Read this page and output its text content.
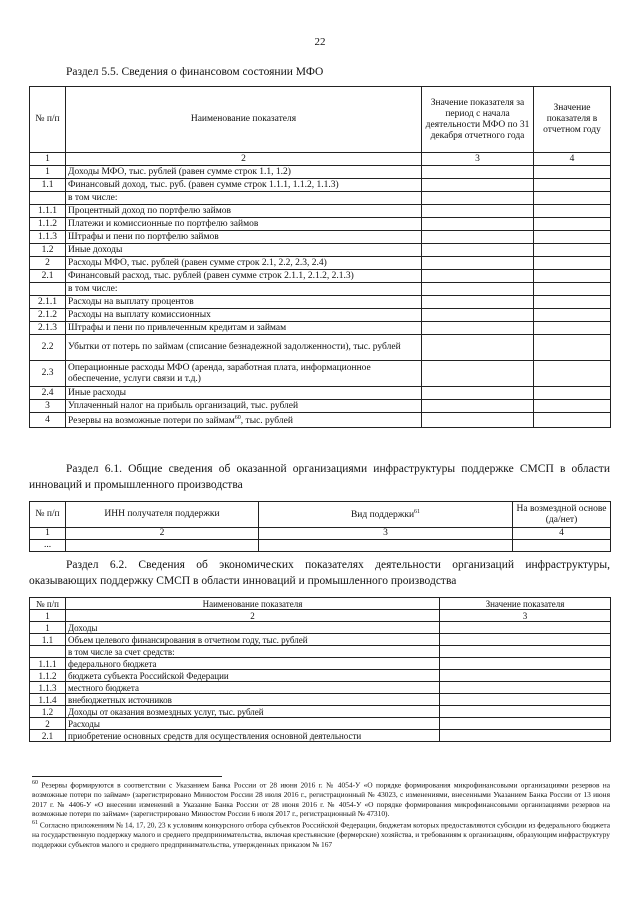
22
Раздел 5.5. Сведения о финансовом состоянии МФО
№ п/п	Наименование показателя	Значение показателя за период с начала деятельности МФО по 31 декабря отчетного года	Значение показателя в отчетном году
1	2	3	4
1	Доходы МФО, тыс. рублей (равен сумме строк 1.1, 1.2)		
1.1	Финансовый доход, тыс. руб. (равен сумме строк 1.1.1, 1.1.2, 1.1.3)		
	в том числе:		
1.1.1	Процентный доход по портфелю займов		
1.1.2	Платежи и комиссионные по портфелю займов		
1.1.3	Штрафы и пени по портфелю займов		
1.2	Иные доходы		
2	Расходы МФО, тыс. рублей (равен сумме строк 2.1, 2.2, 2.3, 2.4)		
2.1	Финансовый расход, тыс. рублей (равен сумме строк 2.1.1, 2.1.2, 2.1.3)		
	в том числе:		
2.1.1	Расходы на выплату процентов		
2.1.2	Расходы на выплату комиссионных		
2.1.3	Штрафы и пени по привлеченным кредитам и займам		
2.2	Убытки от потерь по займам (списание безнадежной задолженности), тыс. рублей		
2.3	Операционные расходы МФО (аренда, заработная плата, информационное обеспечение, услуги связи и т.д.)		
2.4	Иные расходы		
3	Уплаченный налог на прибыль организаций, тыс. рублей		
4	Резервы на возможные потери по займам$^{60}$, тыс. рублей		
Раздел 6.1. Общие сведения об оказанной организациями инфраструктуры поддержке СМСП в области инноваций и промышленного производства
№ п/п	ИНН получателя поддержки	Вид поддержки$^{61}$	На возмездной основе (да/нет)
1	2	3	4
...			
Раздел 6.2. Сведения об экономических показателях деятельности организаций инфраструктуры, оказывающих поддержку СМСП в области инноваций и промышленного производства
№ п/п	Наименование показателя	Значение показателя
1	2	3
1	Доходы	
1.1	Объем целевого финансирования в отчетном году, тыс. рублей	
	в том числе за счет средств:	
1.1.1	федерального бюджета	
1.1.2	бюджета субъекта Российской Федерации	
1.1.3	местного бюджета	
1.1.4	внебюджетных источников	
1.2	Доходы от оказания возмездных услуг, тыс. рублей	
2	Расходы	
2.1	приобретение основных средств для осуществления основной деятельности	

$^{60}$ Резервы формируются в соответствии с Указанием Банка России от 28 июня 2016 г. № 4054-У «О порядке формирования микрофинансовыми организациями резервов на возможные потери по займам» (зарегистрировано Минюстом России 28 июля 2016 г., регистрационный № 43023, с изменениями, внесенными Указанием Банка России от 13 июня 2017 г. № 4406-У «О внесении изменений в Указание Банка России от 28 июня 2016 г. № 4054-У «О порядке формирования микрофинансовыми организациями резервов на возможные потери по займам» (зарегистрировано Минюстом России 6 июля 2017 г., регистрационный № 47310).

$^{61}$ Согласно приложениям № 14, 17, 20, 23 к условиям конкурсного отбора субъектов Российской Федерации, бюджетам которых предоставляются субсидии из федерального бюджета на государственную поддержку малого и среднего предпринимательства, включая крестьянские (фермерские) хозяйства, и требованиям к организациям, образующим инфраструктуру поддержки субъектов малого и среднего предпринимательства, утвержденных приказом № 167
